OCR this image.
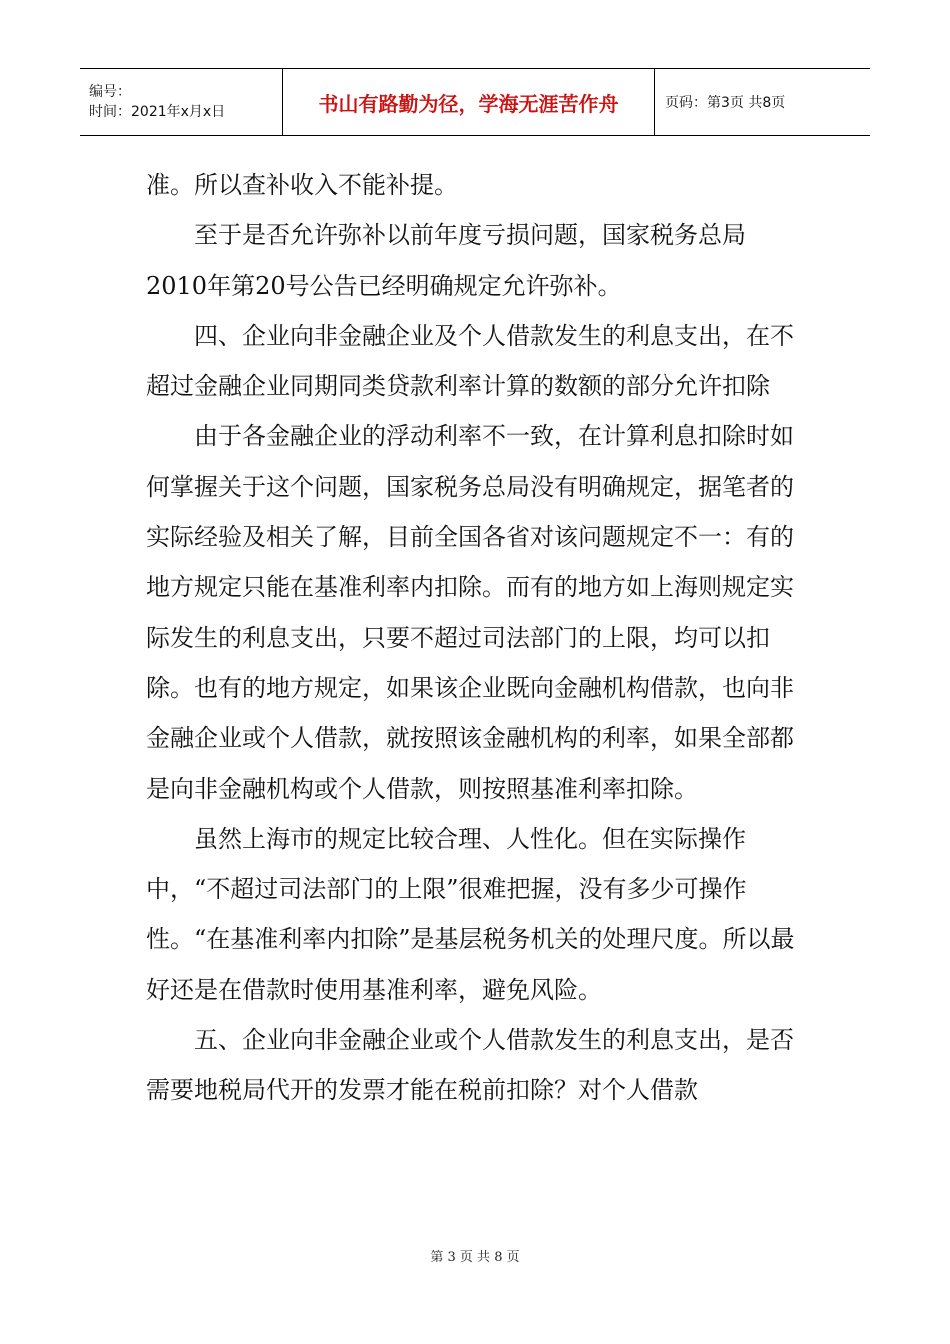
编号：
时间：2021年x月x日	书山有路勤为径，学海无涯苦作舟	页码：第3页 共8页

准。所以查补收入不能补提。

至于是否允许弥补以前年度亏损问题，国家税务总局2010年第20号公告已经明确规定允许弥补。

四、企业向非金融企业及个人借款发生的利息支出，在不超过金融企业同期同类贷款利率计算的数额的部分允许扣除

由于各金融企业的浮动利率不一致，在计算利息扣除时如何掌握关于这个问题，国家税务总局没有明确规定，据笔者的实际经验及相关了解，目前全国各省对该问题规定不一：有的地方规定只能在基准利率内扣除。而有的地方如上海则规定实际发生的利息支出，只要不超过司法部门的上限，均可以扣除。也有的地方规定，如果该企业既向金融机构借款，也向非金融企业或个人借款，就按照该金融机构的利率，如果全部都是向非金融机构或个人借款，则按照基准利率扣除。

虽然上海市的规定比较合理、人性化。但在实际操作中，“不超过司法部门的上限”很难把握，没有多少可操作性。“在基准利率内扣除”是基层税务机关的处理尺度。所以最好还是在借款时使用基准利率，避免风险。

五、企业向非金融企业或个人借款发生的利息支出，是否需要地税局代开的发票才能在税前扣除？对个人借款

第 3 页 共 8 页
